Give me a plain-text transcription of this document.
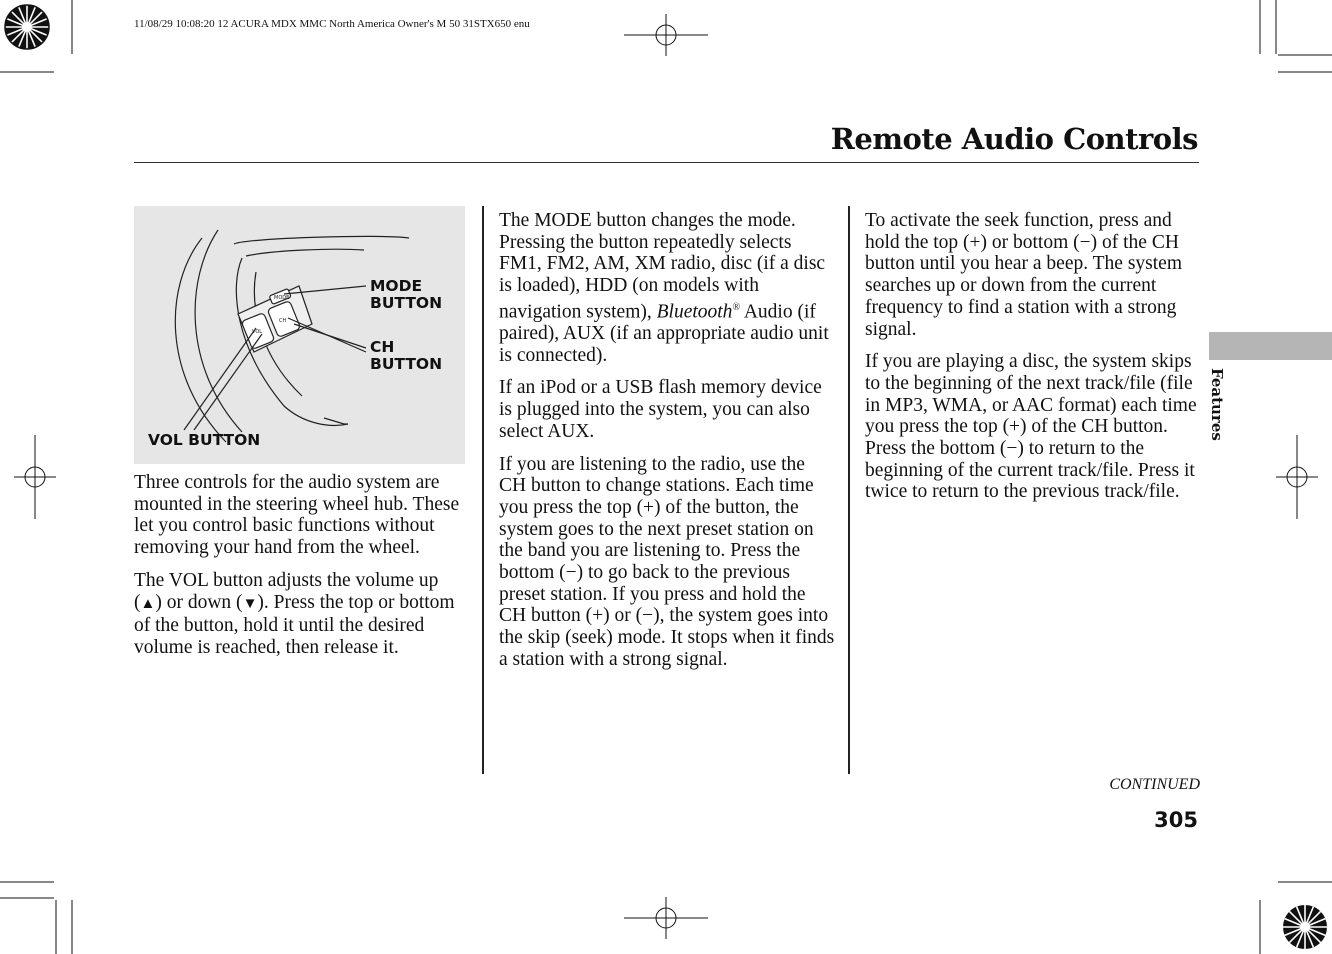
11/08/29 10:08:20 12 ACURA MDX MMC North America Owner's M 50 31STX650 enu
Remote Audio Controls
MODE
VOL
CH
MODE
BUTTON
CH
BUTTON
VOL BUTTON

Three controls for the audio system are mounted in the steering wheel hub. These let you control basic functions without removing your hand from the wheel.

The VOL button adjusts the volume up (▲) or down (▼). Press the top or bottom of the button, hold it until the desired volume is reached, then release it.

The MODE button changes the mode. Pressing the button repeatedly selects FM1, FM2, AM, XM radio, disc (if a disc is loaded), HDD (on models with navigation system), Bluetooth® Audio (if paired), AUX (if an appropriate audio unit is connected).

If an iPod or a USB flash memory device is plugged into the system, you can also select AUX.

If you are listening to the radio, use the CH button to change stations. Each time you press the top (+) of the button, the system goes to the next preset station on the band you are listening to. Press the bottom (−) to go back to the previous preset station. If you press and hold the CH button (+) or (−), the system goes into the skip (seek) mode. It stops when it finds a station with a strong signal.

To activate the seek function, press and hold the top (+) or bottom (−) of the CH button until you hear a beep. The system searches up or down from the current frequency to find a station with a strong signal.

If you are playing a disc, the system skips to the beginning of the next track/file (file in MP3, WMA, or AAC format) each time you press the top (+) of the CH button. Press the bottom (−) to return to the beginning of the current track/file. Press it twice to return to the previous track/file.

Features
CONTINUED
305
